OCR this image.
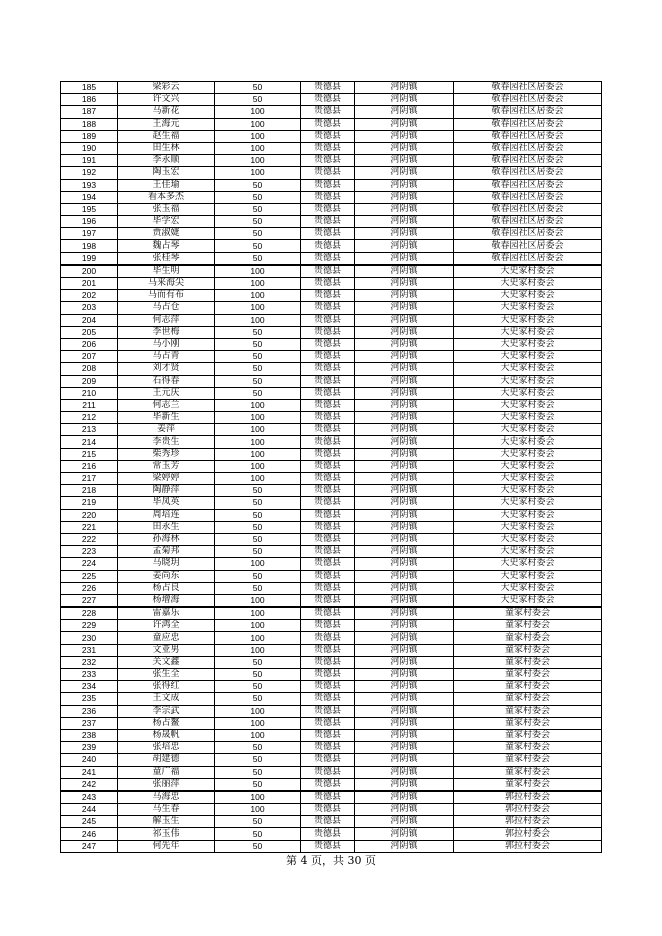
185	梁彩云	50	贵德县	河阴镇	敬春园社区居委会
186	许文兴	50	贵德县	河阴镇	敬春园社区居委会
187	马新花	100	贵德县	河阴镇	敬春园社区居委会
188	王海元	100	贵德县	河阴镇	敬春园社区居委会
189	赵生福	100	贵德县	河阴镇	敬春园社区居委会
190	田生林	100	贵德县	河阴镇	敬春园社区居委会
191	李永顺	100	贵德县	河阴镇	敬春园社区居委会
192	陶玉宏	100	贵德县	河阴镇	敬春园社区居委会
193	王佳瑜	50	贵德县	河阴镇	敬春园社区居委会
194	看本多杰	50	贵德县	河阴镇	敬春园社区居委会
195	张玉福	50	贵德县	河阴镇	敬春园社区居委会
196	毕学宏	50	贵德县	河阴镇	敬春园社区居委会
197	贾淑婕	50	贵德县	河阴镇	敬春园社区居委会
198	魏占琴	50	贵德县	河阴镇	敬春园社区居委会
199	张桂琴	50	贵德县	河阴镇	敬春园社区居委会
200	毕生明	100	贵德县	河阴镇	大史家村委会
201	马来海尖	100	贵德县	河阴镇	大史家村委会
202	马而有布	100	贵德县	河阴镇	大史家村委会
203	马占仓	100	贵德县	河阴镇	大史家村委会
204	何志萍	100	贵德县	河阴镇	大史家村委会
205	李世梅	50	贵德县	河阴镇	大史家村委会
206	马小刚	50	贵德县	河阴镇	大史家村委会
207	马占青	50	贵德县	河阴镇	大史家村委会
208	刘才贤	50	贵德县	河阴镇	大史家村委会
209	石得春	50	贵德县	河阴镇	大史家村委会
210	王元庆	50	贵德县	河阴镇	大史家村委会
211	何志兰	100	贵德县	河阴镇	大史家村委会
212	毕新生	100	贵德县	河阴镇	大史家村委会
213	姜萍	100	贵德县	河阴镇	大史家村委会
214	李贵生	100	贵德县	河阴镇	大史家村委会
215	柴秀珍	100	贵德县	河阴镇	大史家村委会
216	常玉芳	100	贵德县	河阴镇	大史家村委会
217	梁婷婷	100	贵德县	河阴镇	大史家村委会
218	陶静萍	50	贵德县	河阴镇	大史家村委会
219	毕凤英	50	贵德县	河阴镇	大史家村委会
220	周培连	50	贵德县	河阴镇	大史家村委会
221	田永生	50	贵德县	河阴镇	大史家村委会
222	孙海林	50	贵德县	河阴镇	大史家村委会
223	孟菊邦	50	贵德县	河阴镇	大史家村委会
224	马晓玥	100	贵德县	河阴镇	大史家村委会
225	姜尚东	50	贵德县	河阴镇	大史家村委会
226	杨占良	50	贵德县	河阴镇	大史家村委会
227	杨增海	100	贵德县	河阴镇	大史家村委会
228	雷嘉乐	100	贵德县	河阴镇	童家村委会
229	许鸿全	100	贵德县	河阴镇	童家村委会
230	童应忠	100	贵德县	河阴镇	童家村委会
231	文亚男	100	贵德县	河阴镇	童家村委会
232	关文鑫	50	贵德县	河阴镇	童家村委会
233	张生全	50	贵德县	河阴镇	童家村委会
234	张得红	50	贵德县	河阴镇	童家村委会
235	王文成	50	贵德县	河阴镇	童家村委会
236	李宗武	100	贵德县	河阴镇	童家村委会
237	杨占鳌	100	贵德县	河阴镇	童家村委会
238	杨晟帆	100	贵德县	河阴镇	童家村委会
239	张培忠	50	贵德县	河阴镇	童家村委会
240	胡建德	50	贵德县	河阴镇	童家村委会
241	童广福	50	贵德县	河阴镇	童家村委会
242	张丽萍	50	贵德县	河阴镇	童家村委会
243	马海忠	100	贵德县	河阴镇	郭拉村委会
244	马生春	100	贵德县	河阴镇	郭拉村委会
245	解玉生	50	贵德县	河阴镇	郭拉村委会
246	祁玉伟	50	贵德县	河阴镇	郭拉村委会
247	何先年	50	贵德县	河阴镇	郭拉村委会
第 4 页，共 30 页
